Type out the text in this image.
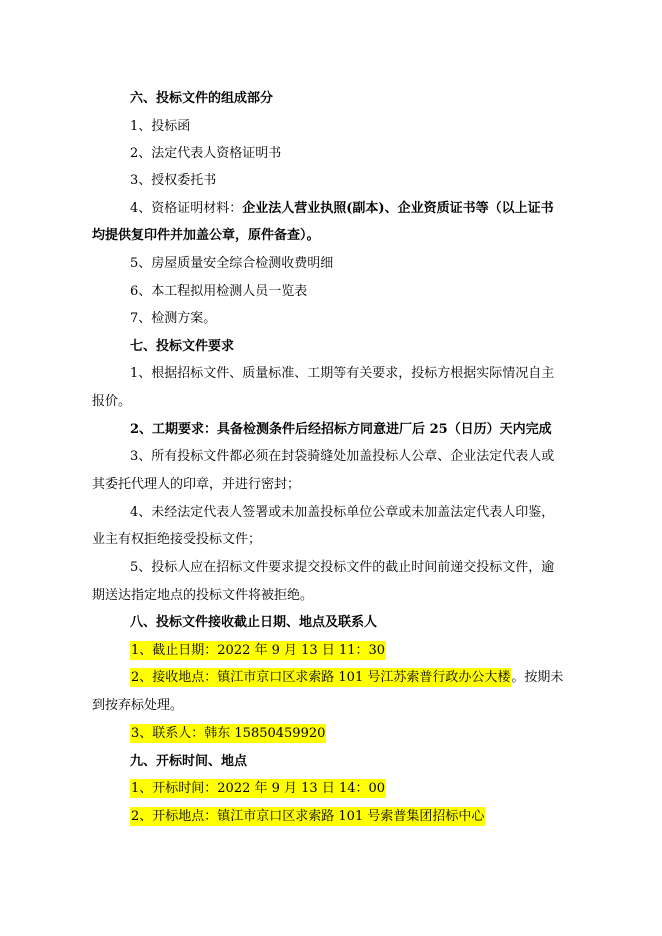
六、投标文件的组成部分
1、投标函
2、法定代表人资格证明书
3、授权委托书
4、资格证明材料：企业法人营业执照(副本)、企业资质证书等（以上证书
均提供复印件并加盖公章，原件备查）。
5、房屋质量安全综合检测收费明细
6、本工程拟用检测人员一览表
7、检测方案。
七、投标文件要求
1、根据招标文件、质量标准、工期等有关要求，投标方根据实际情况自主
报价。
2、工期要求：具备检测条件后经招标方同意进厂后 25（日历）天内完成
3、所有投标文件都必须在封袋骑缝处加盖投标人公章、企业法定代表人或
其委托代理人的印章，并进行密封；
4、未经法定代表人签署或未加盖投标单位公章或未加盖法定代表人印鉴，
业主有权拒绝接受投标文件；
5、投标人应在招标文件要求提交投标文件的截止时间前递交投标文件，逾
期送达指定地点的投标文件将被拒绝。
八、投标文件接收截止日期、地点及联系人
1、截止日期：2022 年 9 月 13 日 11：30
2、接收地点：镇江市京口区求索路 101 号江苏索普行政办公大楼。按期未
到按弃标处理。
3、联系人：韩东 15850459920
九、开标时间、地点
1、开标时间：2022 年 9 月 13 日 14：00
2、开标地点：镇江市京口区求索路 101 号索普集团招标中心
